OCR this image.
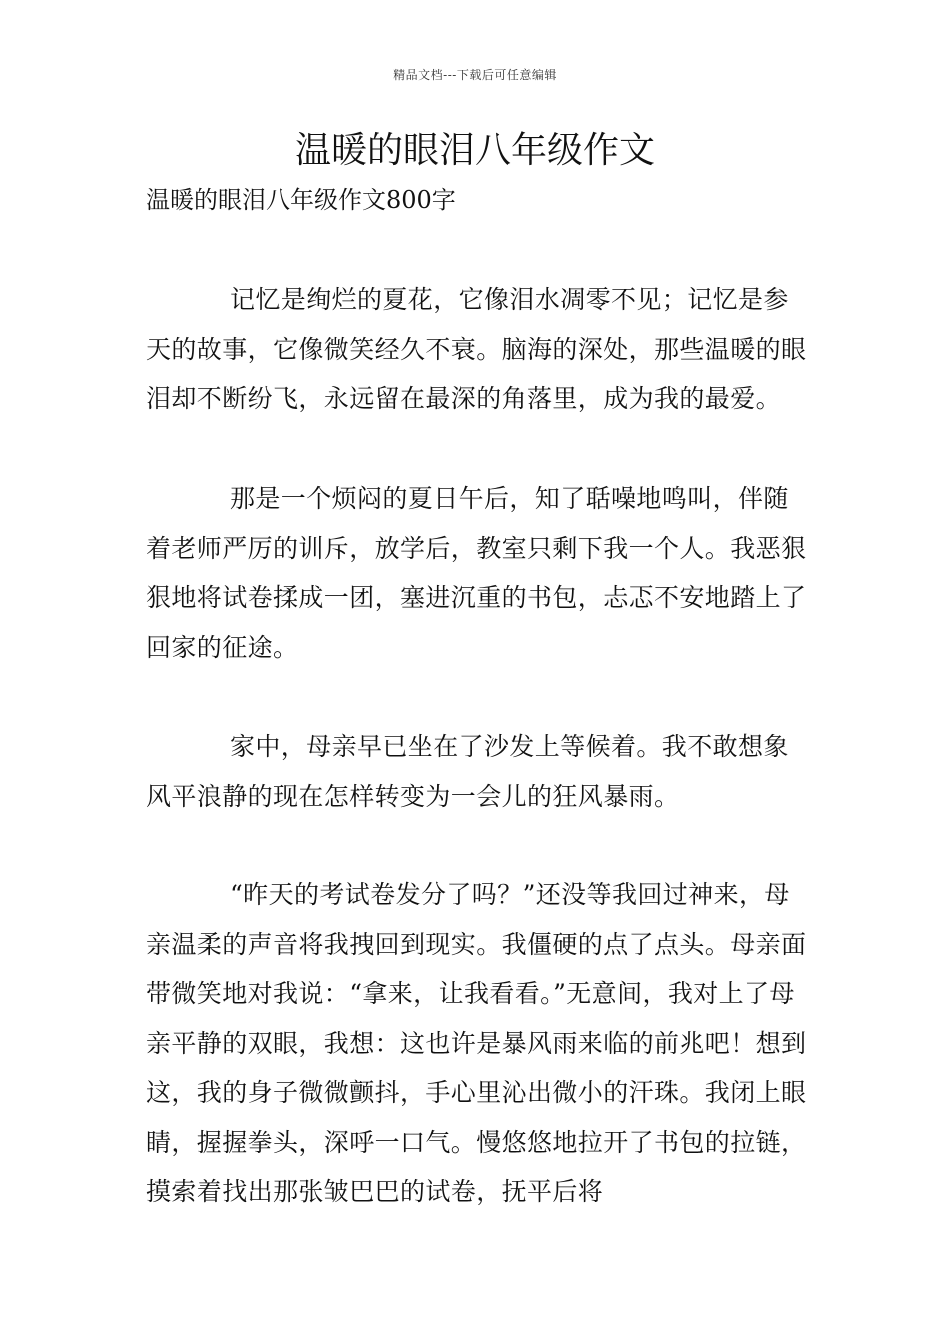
精品文档---下载后可任意编辑
温暖的眼泪八年级作文

温暖的眼泪八年级作文800字

记忆是绚烂的夏花，它像泪水凋零不见；记忆是参天的故事，它像微笑经久不衰。脑海的深处，那些温暖的眼泪却不断纷飞，永远留在最深的角落里，成为我的最爱。

那是一个烦闷的夏日午后，知了聒噪地鸣叫，伴随着老师严厉的训斥，放学后，教室只剩下我一个人。我恶狠狠地将试卷揉成一团，塞进沉重的书包，忐忑不安地踏上了回家的征途。

家中，母亲早已坐在了沙发上等候着。我不敢想象风平浪静的现在怎样转变为一会儿的狂风暴雨。

“昨天的考试卷发分了吗？”还没等我回过神来，母亲温柔的声音将我拽回到现实。我僵硬的点了点头。母亲面带微笑地对我说：“拿来，让我看看。”无意间，我对上了母亲平静的双眼，我想：这也许是暴风雨来临的前兆吧！想到这，我的身子微微颤抖，手心里沁出微小的汗珠。我闭上眼睛，握握拳头，深呼一口气。慢悠悠地拉开了书包的拉链，摸索着找出那张皱巴巴的试卷，抚平后将
